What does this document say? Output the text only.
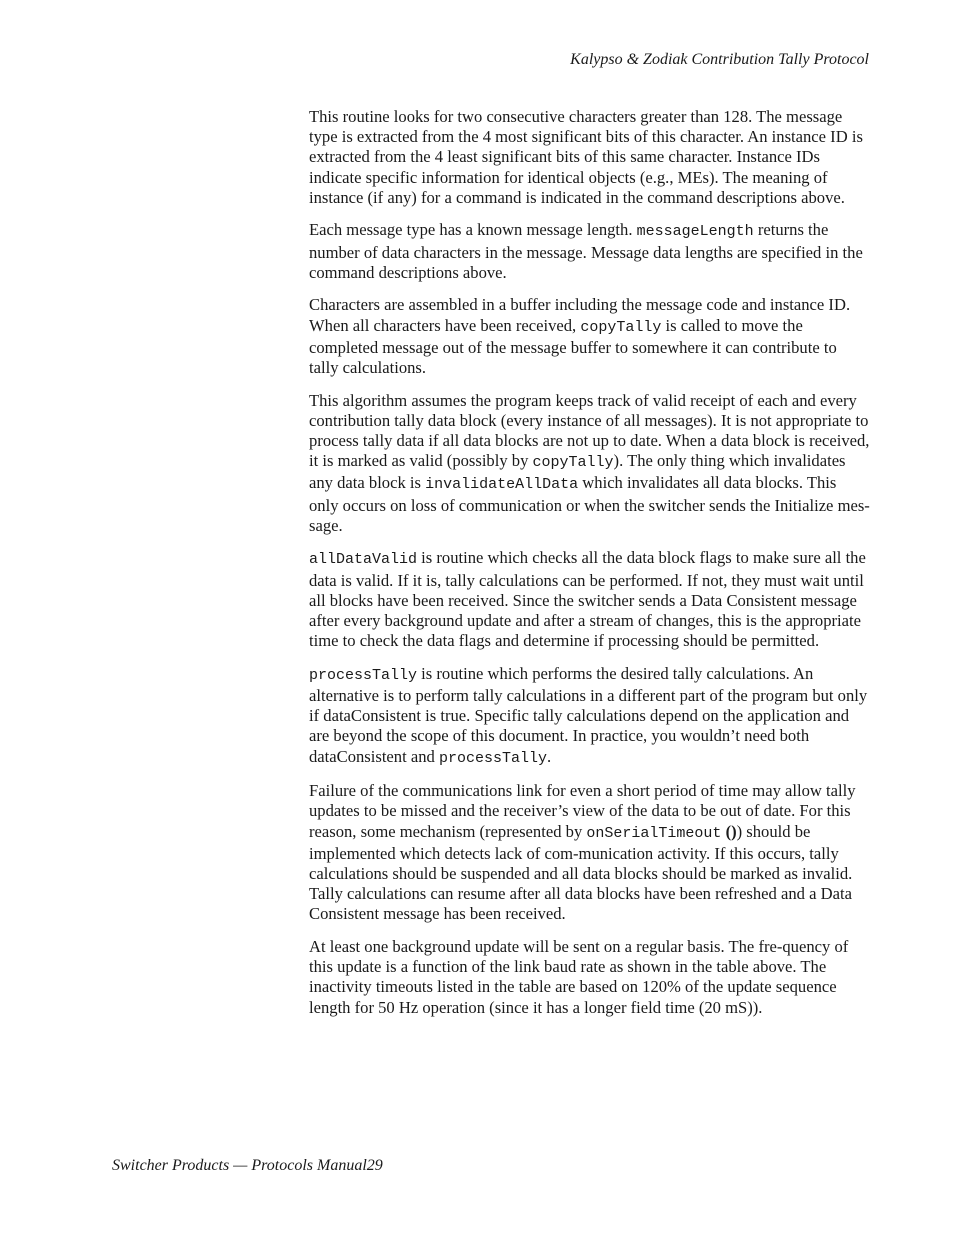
Kalypso & Zodiak Contribution Tally Protocol

This routine looks for two consecutive characters greater than 128. The message type is extracted from the 4 most significant bits of this character. An instance ID is extracted from the 4 least significant bits of this same character. Instance IDs indicate specific information for identical objects (e.g., MEs). The meaning of instance (if any) for a command is indicated in the command descriptions above.

Each message type has a known message length. messageLength returns the number of data characters in the message. Message data lengths are specified in the command descriptions above.

Characters are assembled in a buffer including the message code and instance ID. When all characters have been received, copyTally is called to move the completed message out of the message buffer to somewhere it can contribute to tally calculations.

This algorithm assumes the program keeps track of valid receipt of each and every contribution tally data block (every instance of all messages). It is not appropriate to process tally data if all data blocks are not up to date. When a data block is received, it is marked as valid (possibly by copyTally). The only thing which invalidates any data block is invalidateAllData which invalidates all data blocks. This only occurs on loss of communication or when the switcher sends the Initialize mes-sage.

allDataValid is routine which checks all the data block flags to make sure all the data is valid. If it is, tally calculations can be performed. If not, they must wait until all blocks have been received. Since the switcher sends a Data Consistent message after every background update and after a stream of changes, this is the appropriate time to check the data flags and determine if processing should be permitted.

processTally is routine which performs the desired tally calculations. An alternative is to perform tally calculations in a different part of the program but only if dataConsistent is true. Specific tally calculations depend on the application and are beyond the scope of this document. In practice, you wouldn’t need both dataConsistent and processTally.

Failure of the communications link for even a short period of time may allow tally updates to be missed and the receiver’s view of the data to be out of date. For this reason, some mechanism (represented by onSerialTimeout ()) should be implemented which detects lack of com-munication activity. If this occurs, tally calculations should be suspended and all data blocks should be marked as invalid. Tally calculations can resume after all data blocks have been refreshed and a Data Consistent message has been received.

At least one background update will be sent on a regular basis. The fre-quency of this update is a function of the link baud rate as shown in the table above. The inactivity timeouts listed in the table are based on 120% of the update sequence length for 50 Hz operation (since it has a longer field time (20 mS)).

Switcher Products — Protocols Manual29
